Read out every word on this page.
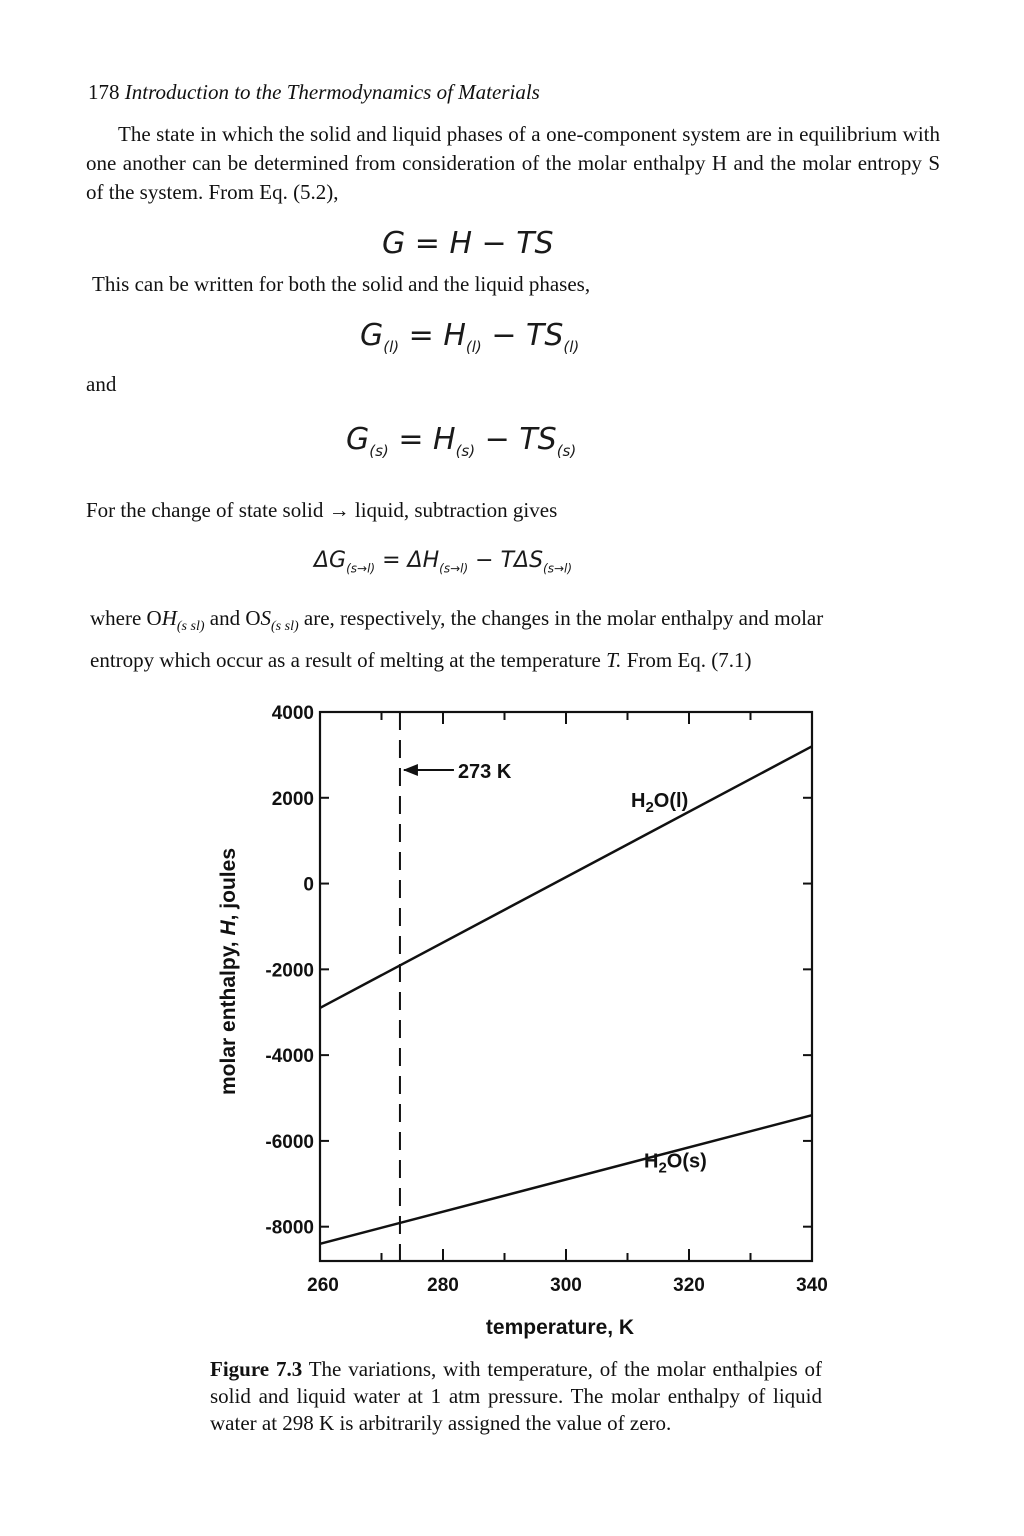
178 Introduction to the Thermodynamics of Materials
The state in which the solid and liquid phases of a one-component system are in equilibrium with one another can be determined from consideration of the molar enthalpy H and the molar entropy S of the system. From Eq. (5.2),
G = H − TS
This can be written for both the solid and the liquid phases,
$G_{(l)} = H_{(l)} - TS_{(l)}$
and
$G_{(s)} = H_{(s)} - TS_{(s)}$
For the change of state solid → liquid, subtraction gives
$\Delta G_{(s\to l)} = \Delta H_{(s\to l)} - T\Delta S_{(s\to l)}$
where $OH_{(s sl)}$ and $OS_{(s sl)}$ are, respectively, the changes in the molar enthalpy and molar
entropy which occur as a result of melting at the temperature T. From Eq. (7.1)
4000
2000
0
-2000
-4000
-6000
-8000
260	280	300	320	340
273 K
$H_2O(l)$
$H_2O(s)$
temperature, K
molar enthalpy, H, joules
Figure 7.3 The variations, with temperature, of the molar enthalpies of solid and liquid water at 1 atm pressure. The molar enthalpy of liquid water at 298 K is arbitrarily assigned the value of zero.
